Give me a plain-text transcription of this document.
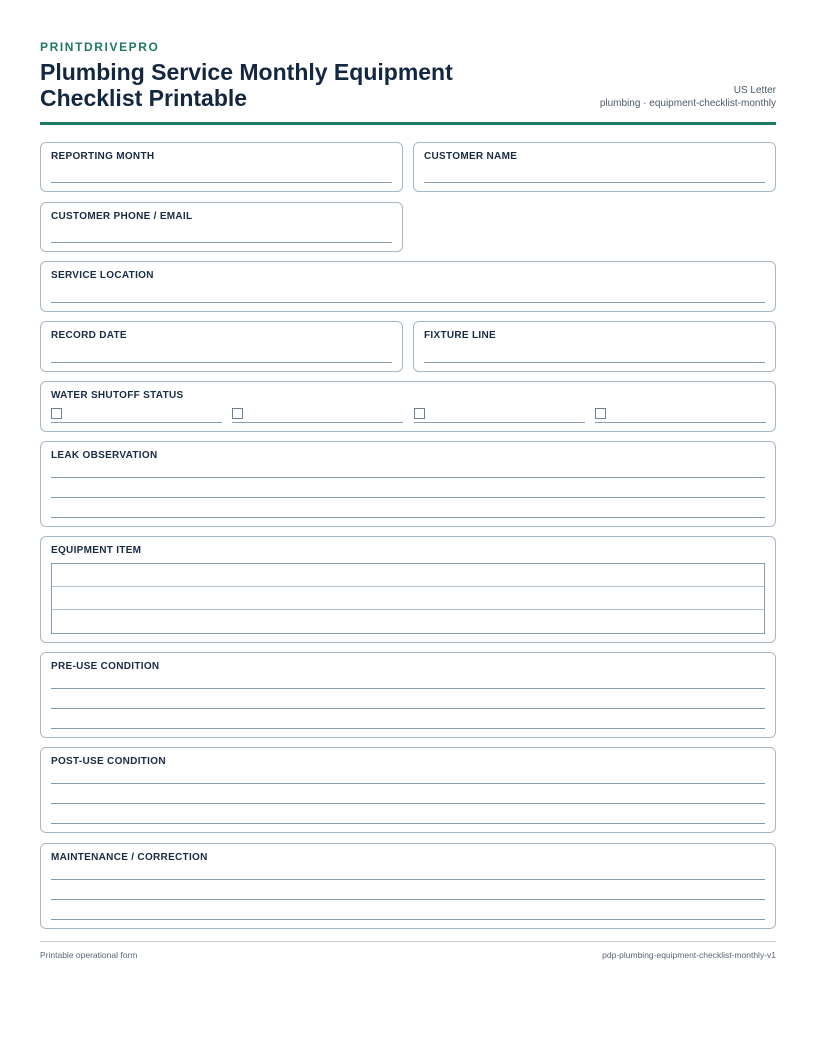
PRINTDRIVEPRO
Plumbing Service Monthly Equipment Checklist Printable	US Letter
plumbing · equipment-checklist-monthly
REPORTING MONTH	CUSTOMER NAME
CUSTOMER PHONE / EMAIL
SERVICE LOCATION
RECORD DATE	FIXTURE LINE
WATER SHUTOFF STATUS
LEAK OBSERVATION
EQUIPMENT ITEM
PRE-USE CONDITION
POST-USE CONDITION
MAINTENANCE / CORRECTION
Printable operational form	pdp-plumbing-equipment-checklist-monthly-v1
